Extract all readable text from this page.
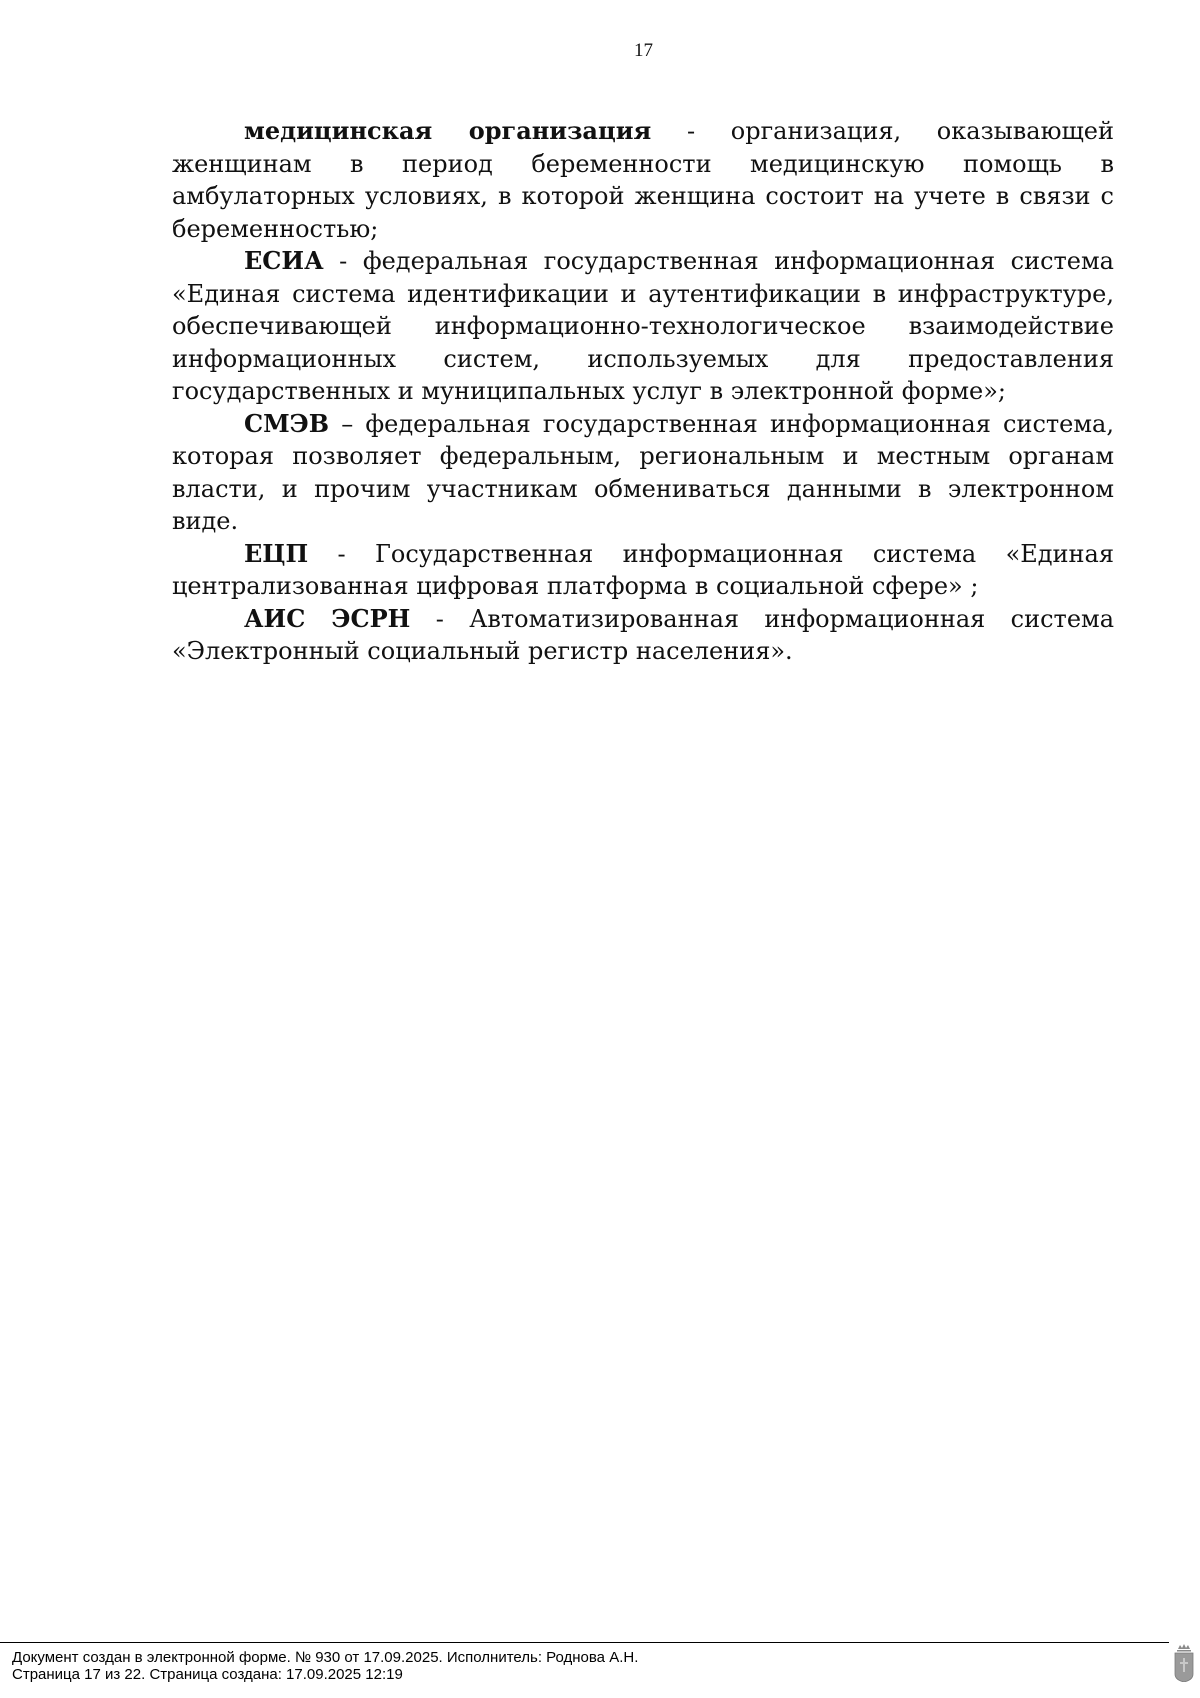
17

медицинская организация - организация, оказывающей женщинам в период беременности медицинскую помощь в амбулаторных условиях, в которой женщина состоит на учете в связи с беременностью;

ЕСИА - федеральная государственная информационная система «Единая система идентификации и аутентификации в инфраструктуре, обеспечивающей информационно-технологическое взаимодействие информационных систем, используемых для предоставления государственных и муниципальных услуг в электронной форме»;

СМЭВ – федеральная государственная информационная система, которая позволяет федеральным, региональным и местным органам власти, и прочим участникам обмениваться данными в электронном виде.

ЕЦП - Государственная информационная система «Единая централизованная цифровая платформа в социальной сфере» ;

АИС ЭСРН - Автоматизированная информационная система «Электронный социальный регистр населения».

Документ создан в электронной форме. № 930 от 17.09.2025. Исполнитель: Роднова А.Н.
Страница 17 из 22. Страница создана: 17.09.2025 12:19
